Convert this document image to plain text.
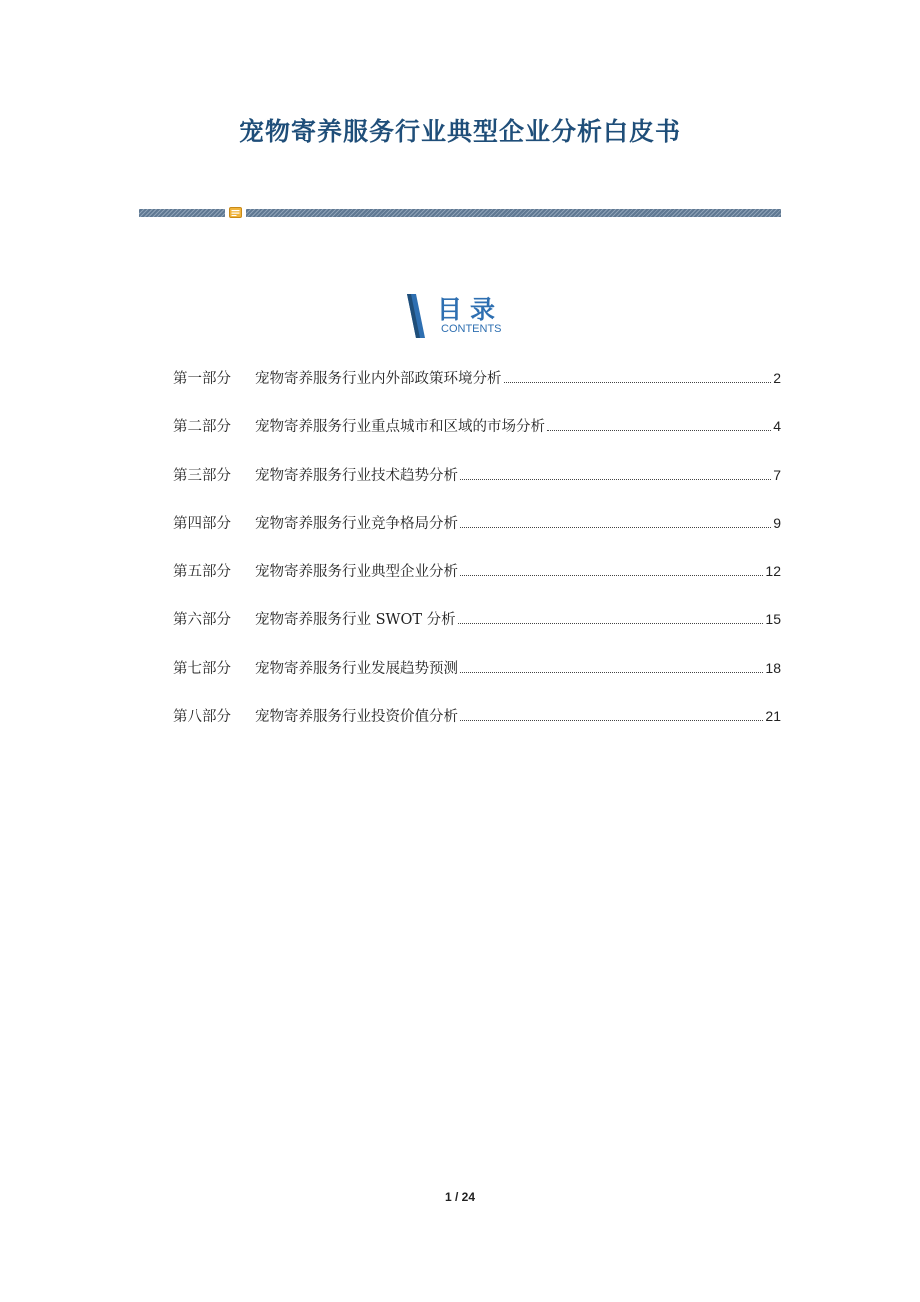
宠物寄养服务行业典型企业分析白皮书
目录
CONTENTS
第一部分	宠物寄养服务行业内外部政策环境分析	2
第二部分	宠物寄养服务行业重点城市和区域的市场分析	4
第三部分	宠物寄养服务行业技术趋势分析	7
第四部分	宠物寄养服务行业竞争格局分析	9
第五部分	宠物寄养服务行业典型企业分析	12
第六部分	宠物寄养服务行业 SWOT 分析	15
第七部分	宠物寄养服务行业发展趋势预测	18
第八部分	宠物寄养服务行业投资价值分析	21
1 / 24
